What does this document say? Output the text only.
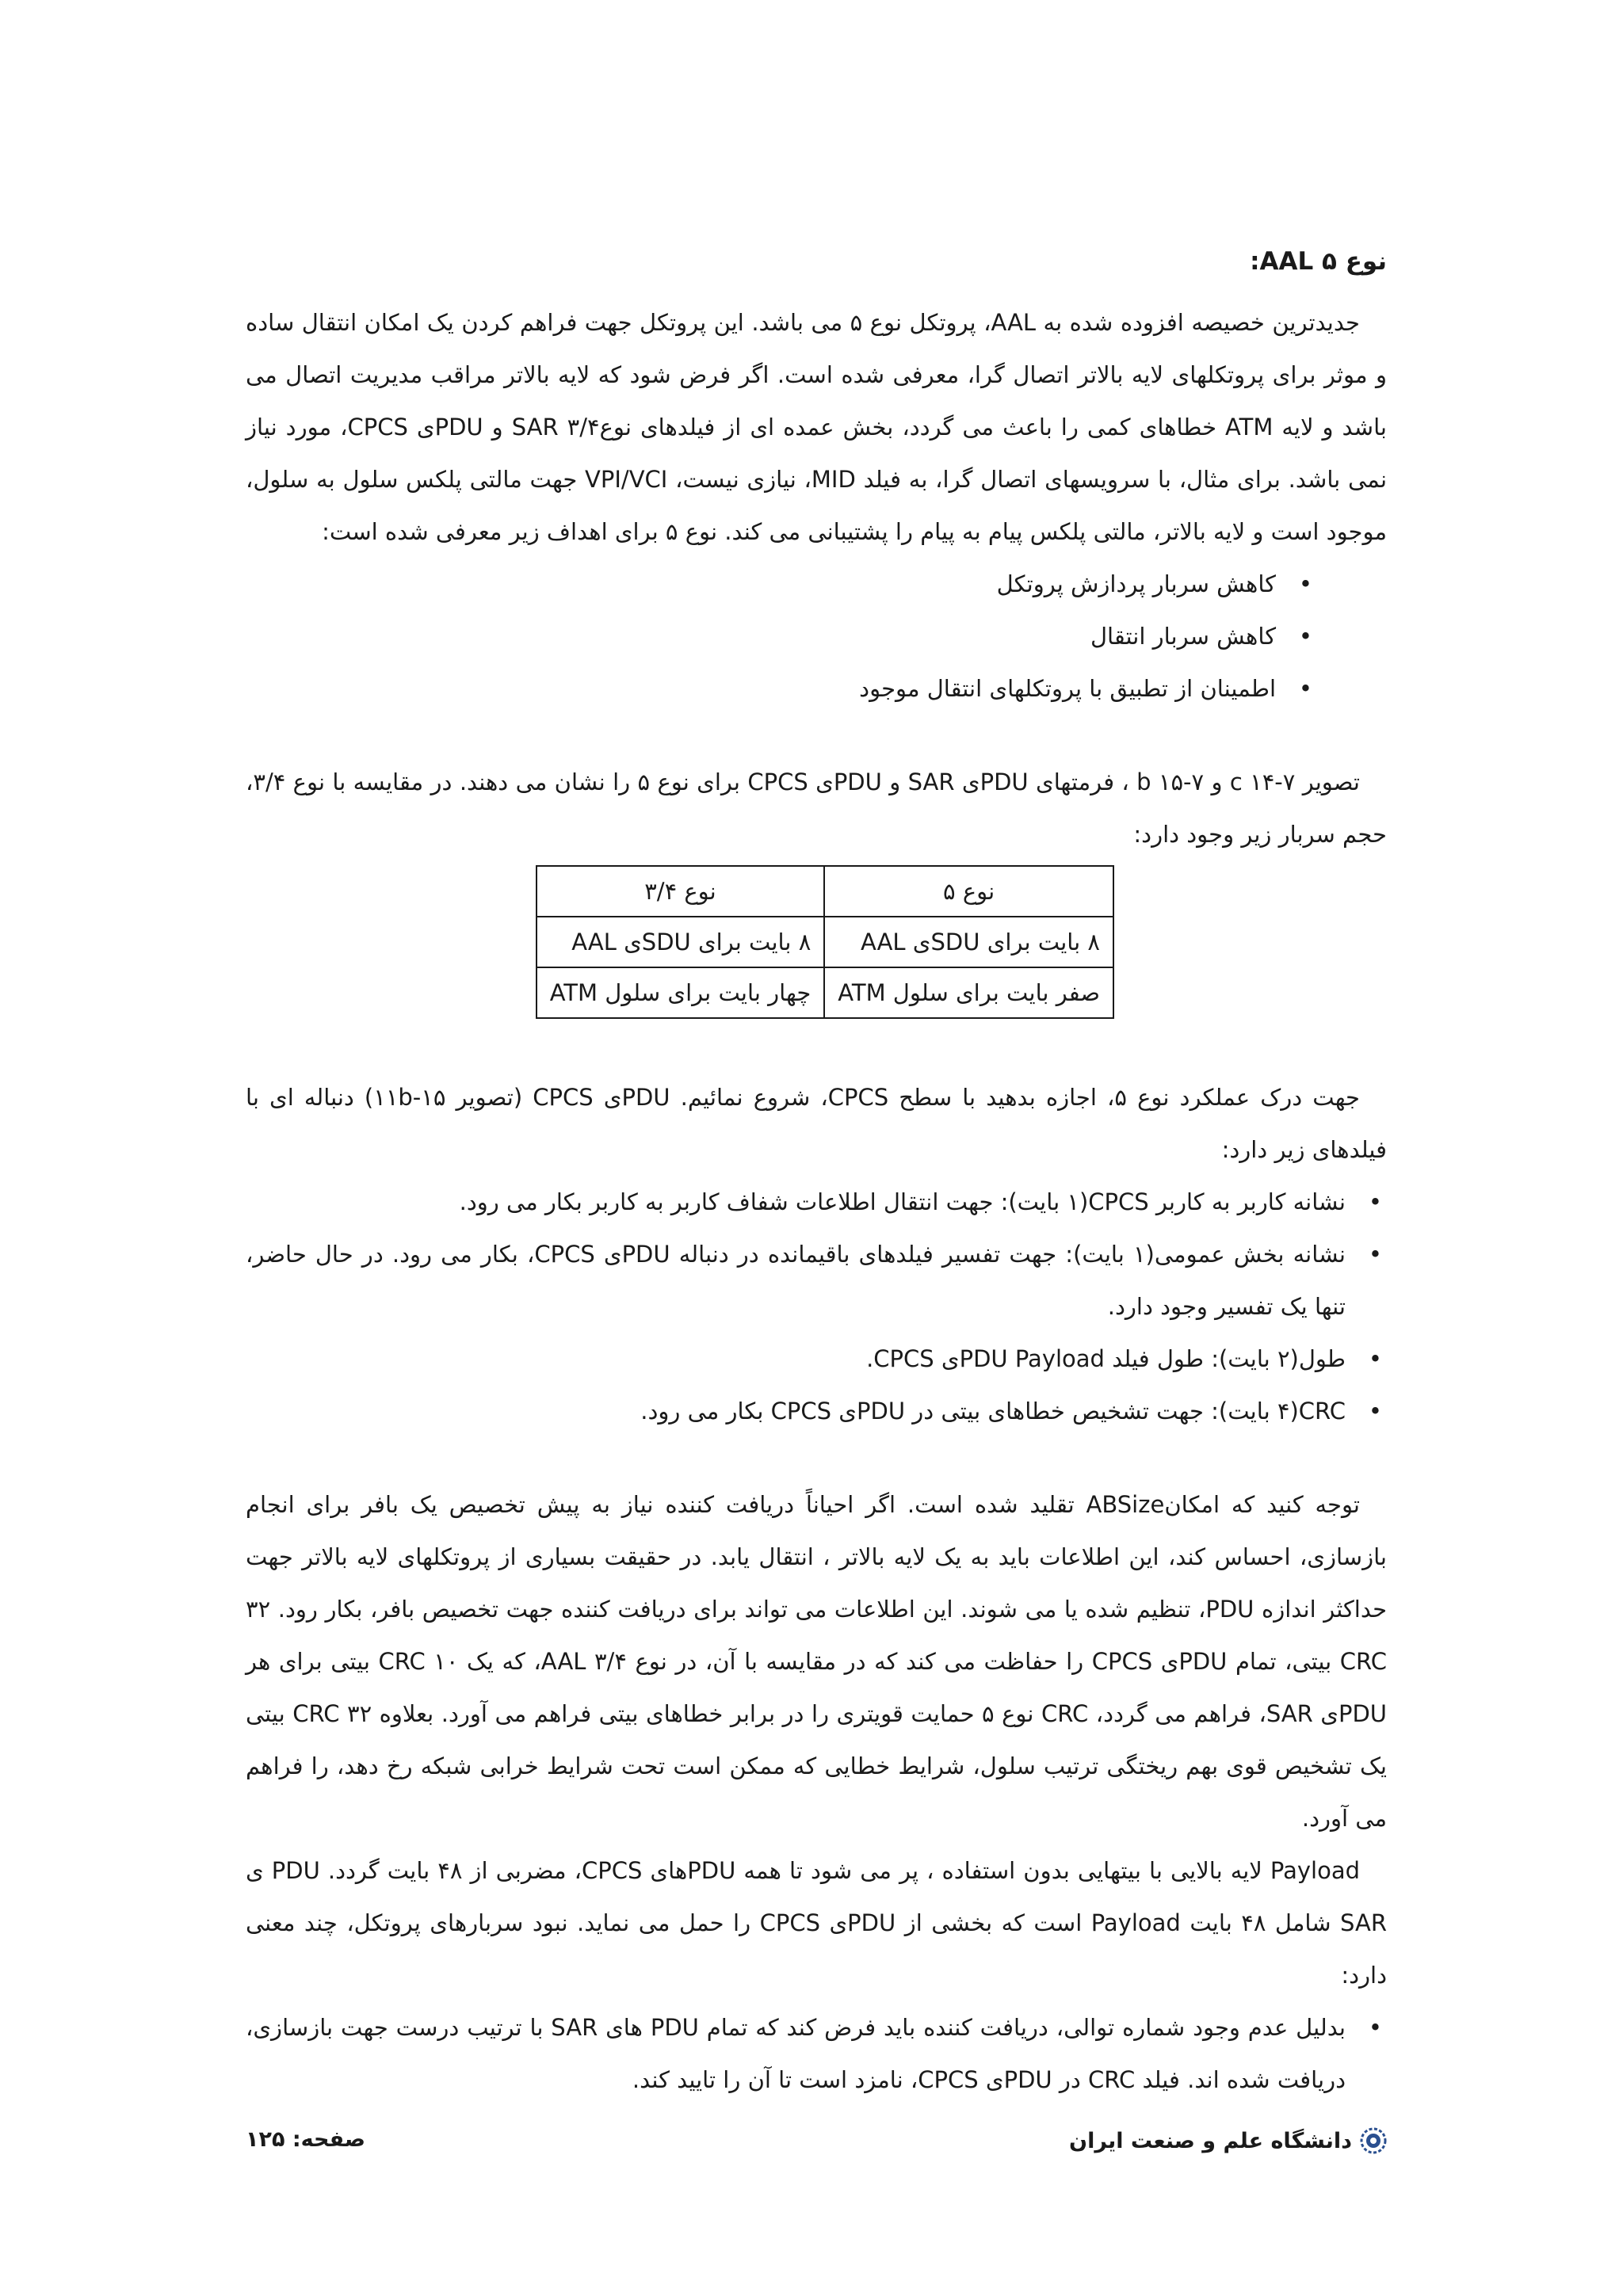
نوع ۵ AAL:

جدیدترین خصیصه افزوده شده به AAL، پروتکل نوع ۵ می باشد. این پروتکل جهت فراهم کردن یک امکان انتقال ساده و موثر برای پروتکلهای لایه بالاتر اتصال گرا، معرفی شده است. اگر فرض شود که لایه بالاتر مراقب مدیریت اتصال می باشد و لایه ATM خطاهای کمی را باعث می گردد، بخش عمده ای از فیلدهای نوع۳/۴ SAR و PDUی CPCS، مورد نیاز نمی باشد. برای مثال، با سرویسهای اتصال گرا، به فیلد MID، نیازی نیست، VPI/VCI جهت مالتی پلکس سلول به سلول، موجود است و لایه بالاتر، مالتی پلکس پیام به پیام را پشتیبانی می کند. نوع ۵ برای اهداف زیر معرفی شده است:

• کاهش سربار پردازش پروتکل
• کاهش سربار انتقال
• اطمینان از تطبیق با پروتکلهای انتقال موجود

تصویر c ۱۴-۷ و b ۱۵-۷ ، فرمتهای PDUی SAR و PDUی CPCS برای نوع ۵ را نشان می دهند. در مقایسه با نوع ۳/۴، حجم سربار زیر وجود دارد:

نوع ۵	نوع ۳/۴
۸ بایت برای SDUی AAL	۸ بایت برای SDUی AAL
صفر بایت برای سلول ATM	چهار بایت برای سلول ATM

جهت درک عملکرد نوع ۵، اجازه بدهید با سطح CPCS، شروع نمائیم. PDUی CPCS (تصویر ۱۱b-۱۵) دنباله ای با فیلدهای زیر دارد:

• نشانه کاربر به کاربر CPCS(۱ بایت): جهت انتقال اطلاعات شفاف کاربر به کاربر بکار می رود.
• نشانه بخش عمومی(۱ بایت): جهت تفسیر فیلدهای باقیمانده در دنباله PDUی CPCS، بکار می رود. در حال حاضر، تنها یک تفسیر وجود دارد.
• طول(۲ بایت): طول فیلد PDU Payloadی CPCS.
• CRC(۴ بایت): جهت تشخیص خطاهای بیتی در PDUی CPCS بکار می رود.

توجه کنید که امکانABSize تقلید شده است. اگر احیاناً دریافت کننده نیاز به پیش تخصیص یک بافر برای انجام بازسازی، احساس کند، این اطلاعات باید به یک لایه بالاتر ، انتقال یابد. در حقیقت بسیاری از پروتکلهای لایه بالاتر جهت حداکثر اندازه PDU، تنظیم شده یا می شوند. این اطلاعات می تواند برای دریافت کننده جهت تخصیص بافر، بکار رود. ۳۲ CRC بیتی، تمام PDUی CPCS را حفاظت می کند که در مقایسه با آن، در نوع ۳/۴ AAL، که یک ۱۰ CRC بیتی برای هر PDUی SAR، فراهم می گردد، CRC نوع ۵ حمایت قویتری را در برابر خطاهای بیتی فراهم می آورد. بعلاوه ۳۲ CRC بیتی یک تشخیص قوی بهم ریختگی ترتیب سلول، شرایط خطایی که ممکن است تحت شرایط خرابی شبکه رخ دهد، را فراهم می آورد.

Payload لایه بالایی با بیتهایی بدون استفاده ، پر می شود تا همه PDUهای CPCS، مضربی از ۴۸ بایت گردد. PDU ی SAR شامل ۴۸ بایت Payload است که بخشی از PDUی CPCS را حمل می نماید. نبود سربارهای پروتکل، چند معنی دارد:

• بدلیل عدم وجود شماره توالی، دریافت کننده باید فرض کند که تمام PDU های SAR با ترتیب درست جهت بازسازی، دریافت شده اند. فیلد CRC در PDUی CPCS، نامزد است تا آن را تایید کند.
دانشگاه علم و صنعت ایران
صفحه: ۱۲۵
